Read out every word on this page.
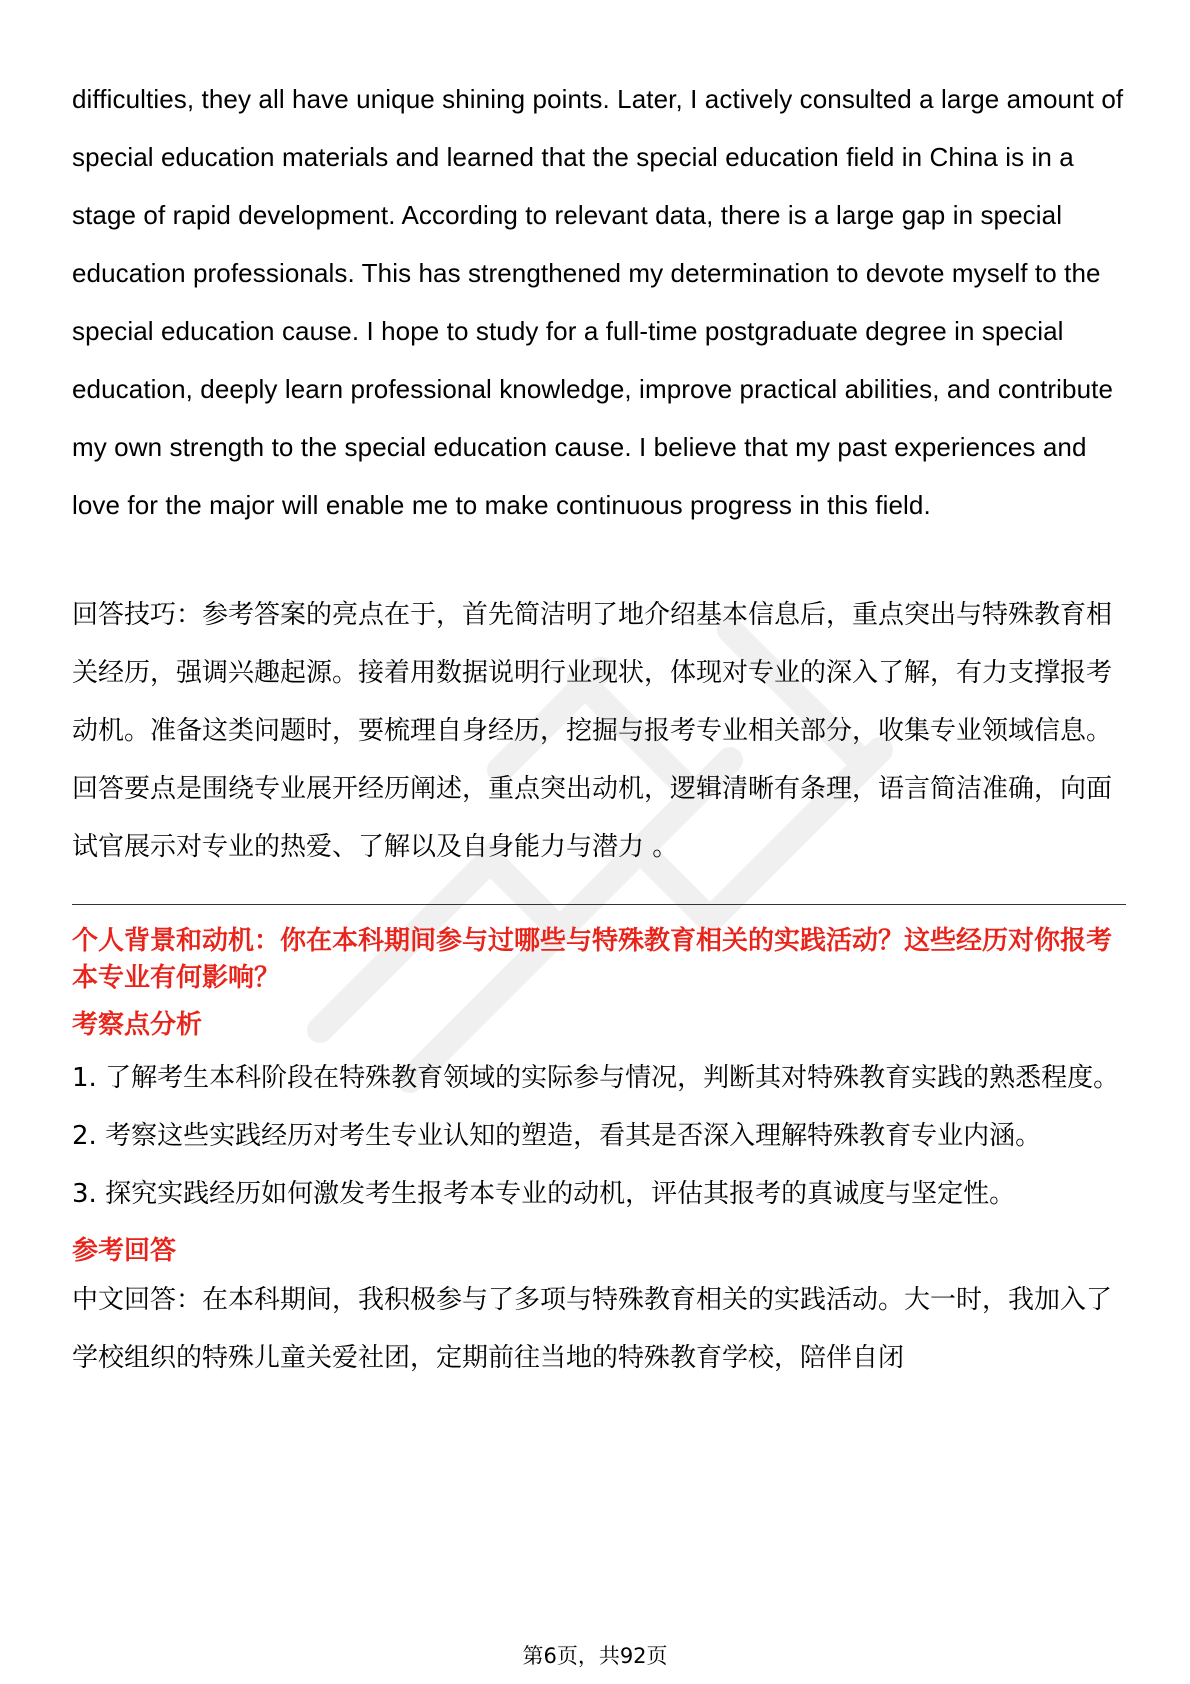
difficulties, they all have unique shining points. Later, I actively consulted a large amount of special education materials and learned that the special education field in China is in a stage of rapid development. According to relevant data, there is a large gap in special education professionals. This has strengthened my determination to devote myself to the special education cause. I hope to study for a full-time postgraduate degree in special education, deeply learn professional knowledge, improve practical abilities, and contribute my own strength to the special education cause. I believe that my past experiences and love for the major will enable me to make continuous progress in this field.

回答技巧：参考答案的亮点在于，首先简洁明了地介绍基本信息后，重点突出与特殊教育相关经历，强调兴趣起源。接着用数据说明行业现状，体现对专业的深入了解，有力支撑报考动机。准备这类问题时，要梳理自身经历，挖掘与报考专业相关部分，收集专业领域信息。回答要点是围绕专业展开经历阐述，重点突出动机，逻辑清晰有条理，语言简洁准确，向面试官展示对专业的热爱、了解以及自身能力与潜力 。

个人背景和动机：你在本科期间参与过哪些与特殊教育相关的实践活动？这些经历对你报考本专业有何影响？

考察点分析

1. 了解考生本科阶段在特殊教育领域的实际参与情况，判断其对特殊教育实践的熟悉程度。

2. 考察这些实践经历对考生专业认知的塑造，看其是否深入理解特殊教育专业内涵。

3. 探究实践经历如何激发考生报考本专业的动机，评估其报考的真诚度与坚定性。

参考回答

中文回答：在本科期间，我积极参与了多项与特殊教育相关的实践活动。大一时，我加入了学校组织的特殊儿童关爱社团，定期前往当地的特殊教育学校，陪伴自闭

第6页，共92页
